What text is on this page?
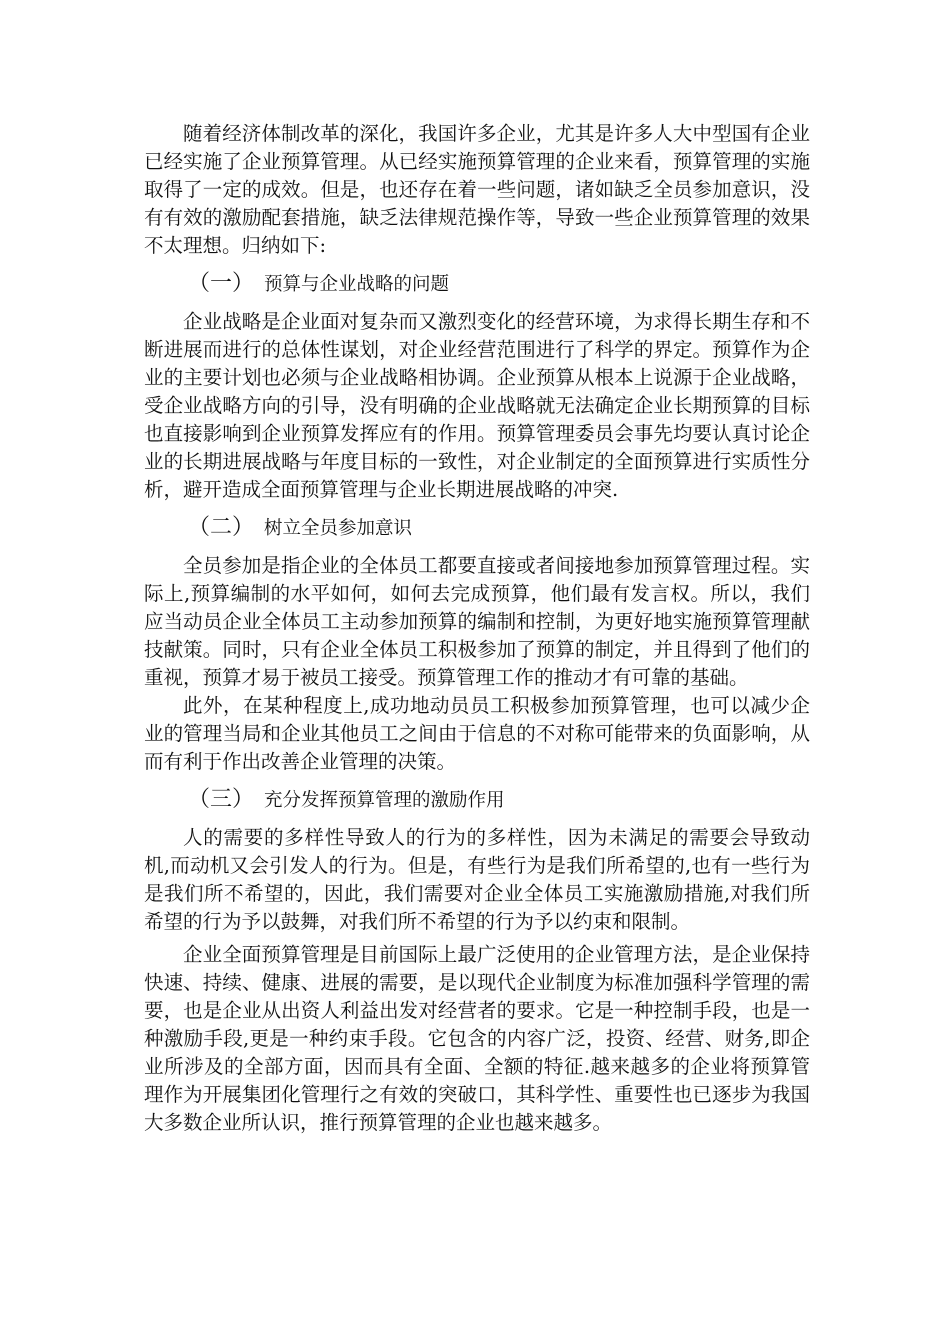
随着经济体制改革的深化，我国许多企业，尤其是许多人大中型国有企业已经实施了企业预算管理。从已经实施预算管理的企业来看，预算管理的实施取得了一定的成效。但是，也还存在着一些问题，诸如缺乏全员参加意识，没有有效的激励配套措施，缺乏法律规范操作等，导致一些企业预算管理的效果不太理想。归纳如下:

（一） 预算与企业战略的问题

企业战略是企业面对复杂而又激烈变化的经营环境，为求得长期生存和不断进展而进行的总体性谋划，对企业经营范围进行了科学的界定。预算作为企业的主要计划也必须与企业战略相协调。企业预算从根本上说源于企业战略，受企业战略方向的引导，没有明确的企业战略就无法确定企业长期预算的目标也直接影响到企业预算发挥应有的作用。预算管理委员会事先均要认真讨论企业的长期进展战略与年度目标的一致性，对企业制定的全面预算进行实质性分析，避开造成全面预算管理与企业长期进展战略的冲突.

（二） 树立全员参加意识

全员参加是指企业的全体员工都要直接或者间接地参加预算管理过程。实际上,预算编制的水平如何，如何去完成预算，他们最有发言权。所以，我们应当动员企业全体员工主动参加预算的编制和控制，为更好地实施预算管理献技献策。同时，只有企业全体员工积极参加了预算的制定，并且得到了他们的重视，预算才易于被员工接受。预算管理工作的推动才有可靠的基础。

此外，在某种程度上,成功地动员员工积极参加预算管理，也可以减少企业的管理当局和企业其他员工之间由于信息的不对称可能带来的负面影响，从而有利于作出改善企业管理的决策。

（三） 充分发挥预算管理的激励作用

人的需要的多样性导致人的行为的多样性，因为未满足的需要会导致动机,而动机又会引发人的行为。但是，有些行为是我们所希望的,也有一些行为是我们所不希望的，因此，我们需要对企业全体员工实施激励措施,对我们所希望的行为予以鼓舞，对我们所不希望的行为予以约束和限制。

企业全面预算管理是目前国际上最广泛使用的企业管理方法，是企业保持快速、持续、健康、进展的需要，是以现代企业制度为标准加强科学管理的需要，也是企业从出资人利益出发对经营者的要求。它是一种控制手段，也是一种激励手段,更是一种约束手段。它包含的内容广泛，投资、经营、财务,即企业所涉及的全部方面，因而具有全面、全额的特征.越来越多的企业将预算管理作为开展集团化管理行之有效的突破口，其科学性、重要性也已逐步为我国大多数企业所认识，推行预算管理的企业也越来越多。
